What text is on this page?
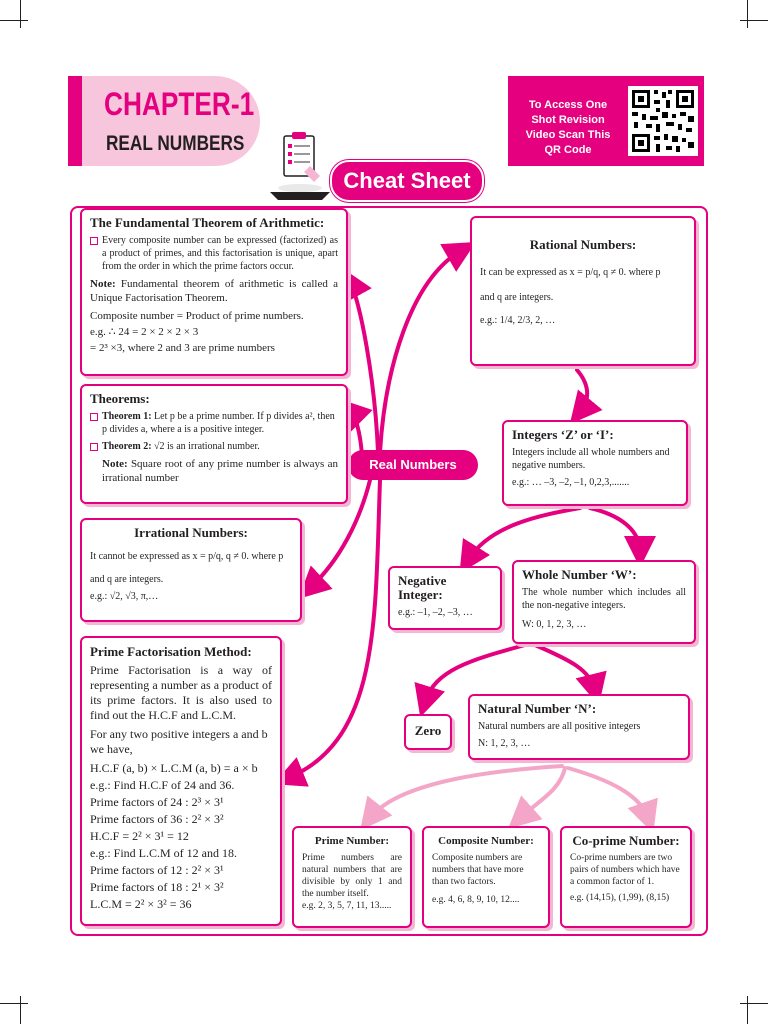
CHAPTER-1
REAL NUMBERS
To Access One Shot Revision Video Scan This QR Code
Cheat Sheet
Real Numbers
The Fundamental Theorem of Arithmetic:

Every composite number can be expressed (factorized) as a product of primes, and this factorisation is unique, apart from the order in which the prime factors occur.

Note: Fundamental theorem of arithmetic is called a Unique Factorisation Theorem.

Composite number = Product of prime numbers.

e.g. ∴ 24 = 2 × 2 × 2 × 3

= 2³ ×3, where 2 and 3 are prime numbers

Theorems:

Theorem 1: Let p be a prime number. If p divides a², then p divides a, where a is a positive integer.

Theorem 2: √2 is an irrational number.

Note: Square root of any prime number is always an irrational number

Irrational Numbers:

It cannot be expressed as x = p/q, q ≠ 0. where p

and q are integers.

e.g.: √2, √3, π,…

Prime Factorisation Method:

Prime Factorisation is a way of representing a number as a product of its prime factors. It is also used to find out the H.C.F and L.C.M.

For any two positive integers a and b we have,

H.C.F (a, b) × L.C.M (a, b) = a × b

e.g.: Find H.C.F of 24 and 36.

Prime factors of 24 : 2³ × 3¹

Prime factors of 36 : 2² × 3²

H.C.F = 2² × 3¹ = 12

e.g.: Find L.C.M of 12 and 18.

Prime factors of 12 : 2² × 3¹

Prime factors of 18 : 2¹ × 3²

L.C.M = 2² × 3² = 36

Rational Numbers:

It can be expressed as x = p/q, q ≠ 0. where p

and q are integers.

e.g.: 1/4, 2/3, 2, …

Integers ‘Z’ or ‘I’:

Integers include all whole numbers and negative numbers.

e.g.: … –3, –2, –1, 0,2,3,.......

Negative Integer:

e.g.: –1, –2, –3, …

Whole Number ‘W’:

The whole number which includes all the non-negative integers.

W: 0, 1, 2, 3, …

Zero
Natural Number ‘N’:

Natural numbers are all positive integers

N: 1, 2, 3, …

Prime Number:

Prime numbers are natural numbers that are divisible by only 1 and the number itself.

e.g. 2, 3, 5, 7, 11, 13.....

Composite Number:

Composite numbers are numbers that have more than two factors.

e.g. 4, 6, 8, 9, 10, 12....

Co-prime Number:

Co-prime numbers are two pairs of numbers which have a common factor of 1.

e.g. (14,15), (1,99), (8,15)
